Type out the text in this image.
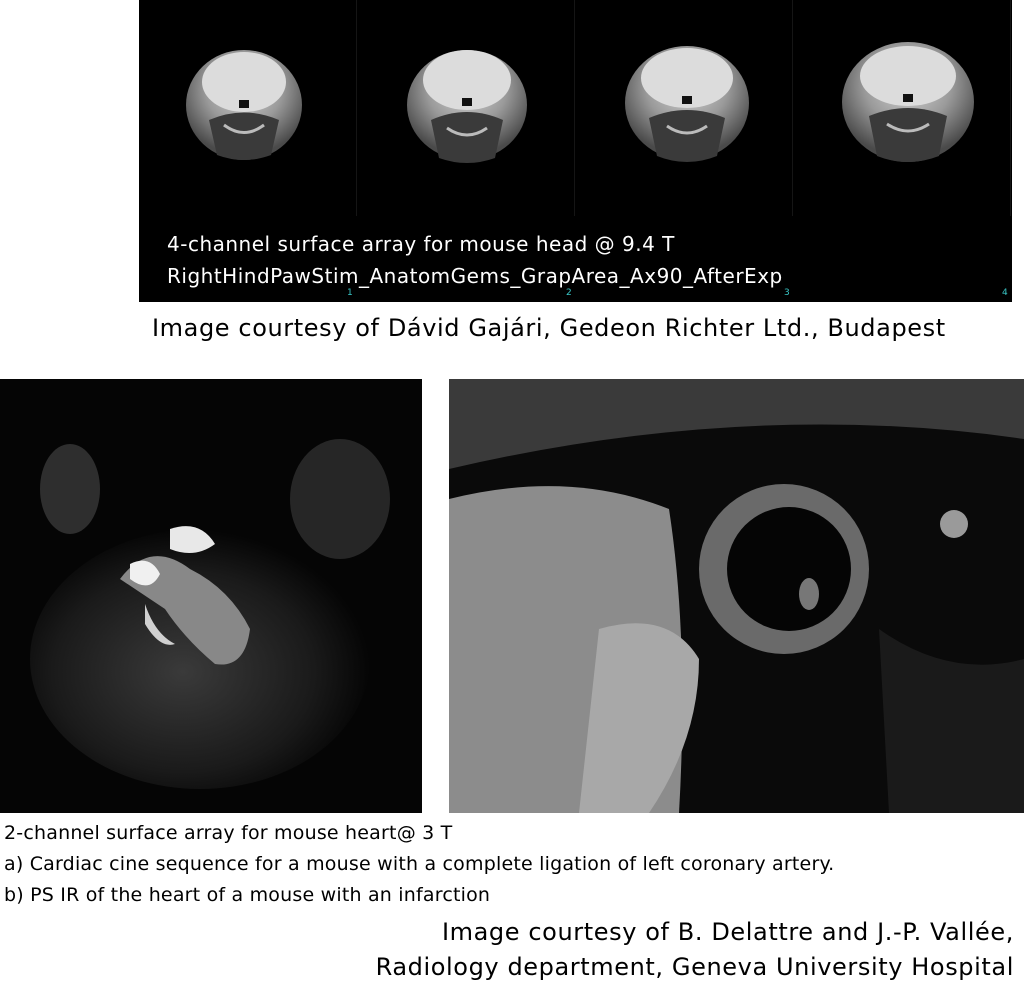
1	2	3	4
4-channel surface array for mouse head @ 9.4 T
RightHindPawStim_AnatomGems_GrapArea_Ax90_AfterExp
Image courtesy of Dávid Gajári, Gedeon Richter Ltd., Budapest
2-channel surface array for mouse heart@ 3 T
a) Cardiac cine sequence for a mouse with a complete ligation of left coronary artery.
b) PS IR of the heart of a mouse with an infarction
Image courtesy of B. Delattre and J.-P. Vallée,
Radiology department, Geneva University Hospital
